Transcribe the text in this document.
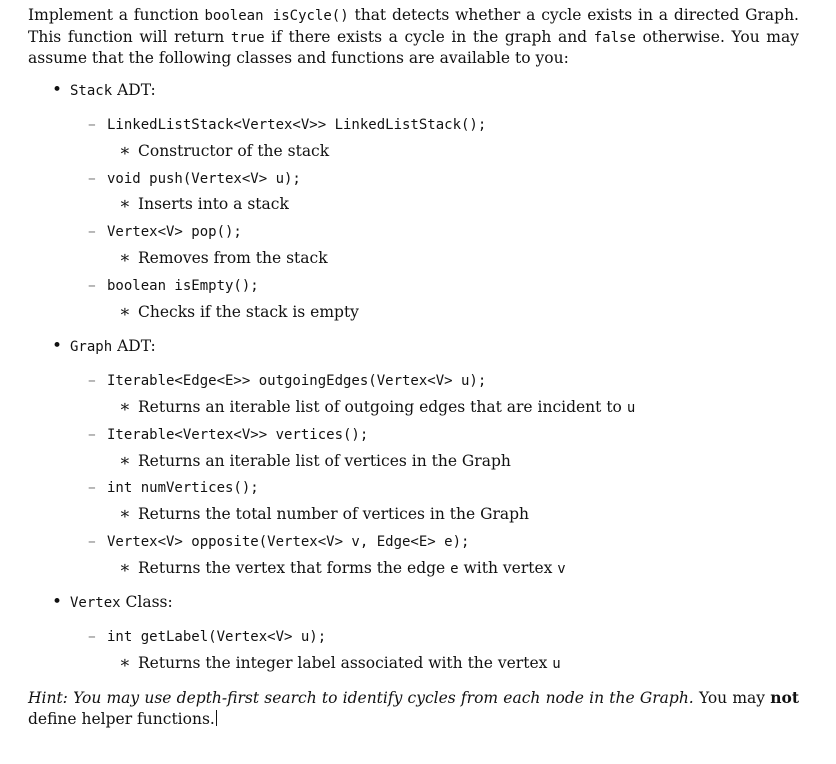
Implement a function boolean isCycle() that detects whether a cycle exists in a directed Graph. This function will return true if there exists a cycle in the graph and false otherwise. You may assume that the following classes and functions are available to you:
• Stack ADT:
– LinkedListStack<Vertex<V>> LinkedListStack();
∗ Constructor of the stack
– void push(Vertex<V> u);
∗ Inserts into a stack
– Vertex<V> pop();
∗ Removes from the stack
– boolean isEmpty();
∗ Checks if the stack is empty
• Graph ADT:
– Iterable<Edge<E>> outgoingEdges(Vertex<V> u);
∗ Returns an iterable list of outgoing edges that are incident to u
– Iterable<Vertex<V>> vertices();
∗ Returns an iterable list of vertices in the Graph
– int numVertices();
∗ Returns the total number of vertices in the Graph
– Vertex<V> opposite(Vertex<V> v, Edge<E> e);
∗ Returns the vertex that forms the edge e with vertex v
• Vertex Class:
– int getLabel(Vertex<V> u);
∗ Returns the integer label associated with the vertex u
Hint: You may use depth-first search to identify cycles from each node in the Graph. You may not define helper functions.
